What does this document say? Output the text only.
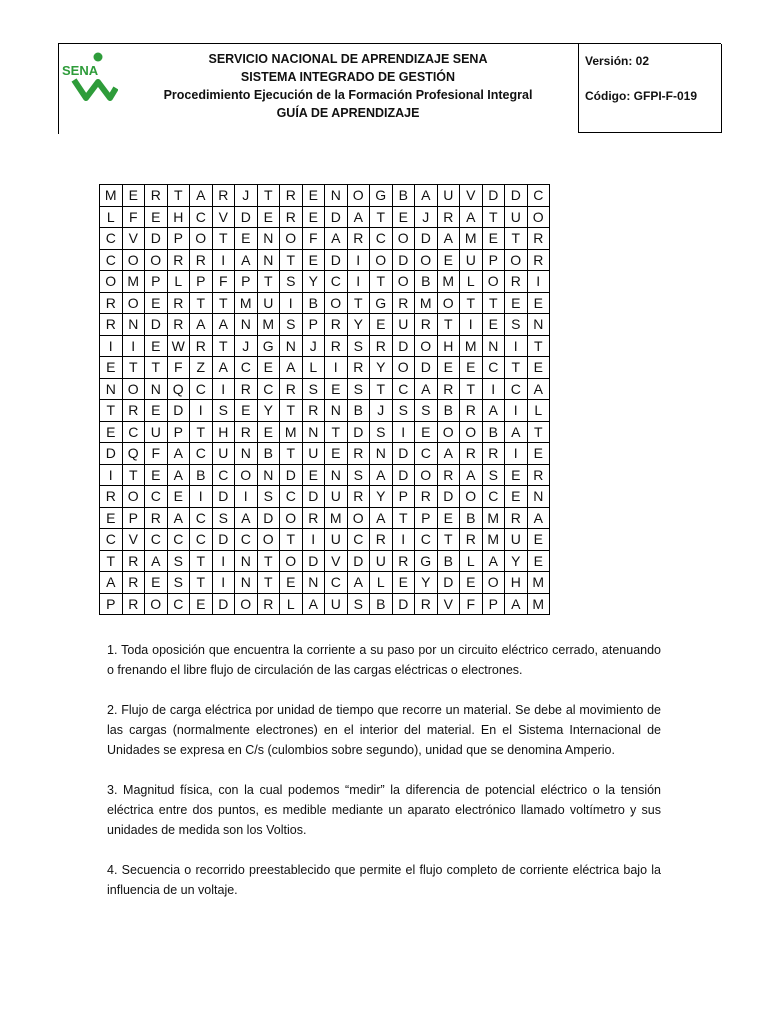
SENA
SERVICIO NACIONAL DE APRENDIZAJE SENA
SISTEMA INTEGRADO DE GESTIÓN
Procedimiento Ejecución de la Formación Profesional Integral
GUÍA DE APRENDIZAJE
Versión: 02
Código: GFPI-F-019
M	E	R	T	A	R	J	T	R	E	N	O	G	B	A	U	V	D	D	C
L	F	E	H	C	V	D	E	R	E	D	A	T	E	J	R	A	T	U	O
C	V	D	P	O	T	E	N	O	F	A	R	C	O	D	A	M	E	T	R
C	O	O	R	R	I	A	N	T	E	D	I	O	D	O	E	U	P	O	R
O	M	P	L	P	F	P	T	S	Y	C	I	T	O	B	M	L	O	R	I
R	O	E	R	T	T	M	U	I	B	O	T	G	R	M	O	T	T	E	E
R	N	D	R	A	A	N	M	S	P	R	Y	E	U	R	T	I	E	S	N
I	I	E	W	R	T	J	G	N	J	R	S	R	D	O	H	M	N	I	T
E	T	T	F	Z	A	C	E	A	L	I	R	Y	O	D	E	E	C	T	E
N	O	N	Q	C	I	R	C	R	S	E	S	T	C	A	R	T	I	C	A
T	R	E	D	I	S	E	Y	T	R	N	B	J	S	S	B	R	A	I	L
E	C	U	P	T	H	R	E	M	N	T	D	S	I	E	O	O	B	A	T
D	Q	F	A	C	U	N	B	T	U	E	R	N	D	C	A	R	R	I	E
I	T	E	A	B	C	O	N	D	E	N	S	A	D	O	R	A	S	E	R
R	O	C	E	I	D	I	S	C	D	U	R	Y	P	R	D	O	C	E	N
E	P	R	A	C	S	A	D	O	R	M	O	A	T	P	E	B	M	R	A
C	V	C	C	C	D	C	O	T	I	U	C	R	I	C	T	R	M	U	E
T	R	A	S	T	I	N	T	O	D	V	D	U	R	G	B	L	A	Y	E
A	R	E	S	T	I	N	T	E	N	C	A	L	E	Y	D	E	O	H	M
P	R	O	C	E	D	O	R	L	A	U	S	B	D	R	V	F	P	A	M

1. Toda oposición que encuentra la corriente a su paso por un circuito eléctrico cerrado, atenuando o frenando el libre flujo de circulación de las cargas eléctricas o electrones.

2. Flujo de carga eléctrica por unidad de tiempo que recorre un material. Se debe al movimiento de las cargas (normalmente electrones) en el interior del material. En el Sistema Internacional de Unidades se expresa en C/s (culombios sobre segundo), unidad que se denomina Amperio.

3. Magnitud física, con la cual podemos “medir” la diferencia de potencial eléctrico o la tensión eléctrica entre dos puntos, es medible mediante un aparato electrónico llamado voltímetro y sus unidades de medida son los Voltios.

4. Secuencia o recorrido preestablecido que permite el flujo completo de corriente eléctrica bajo la influencia de un voltaje.
